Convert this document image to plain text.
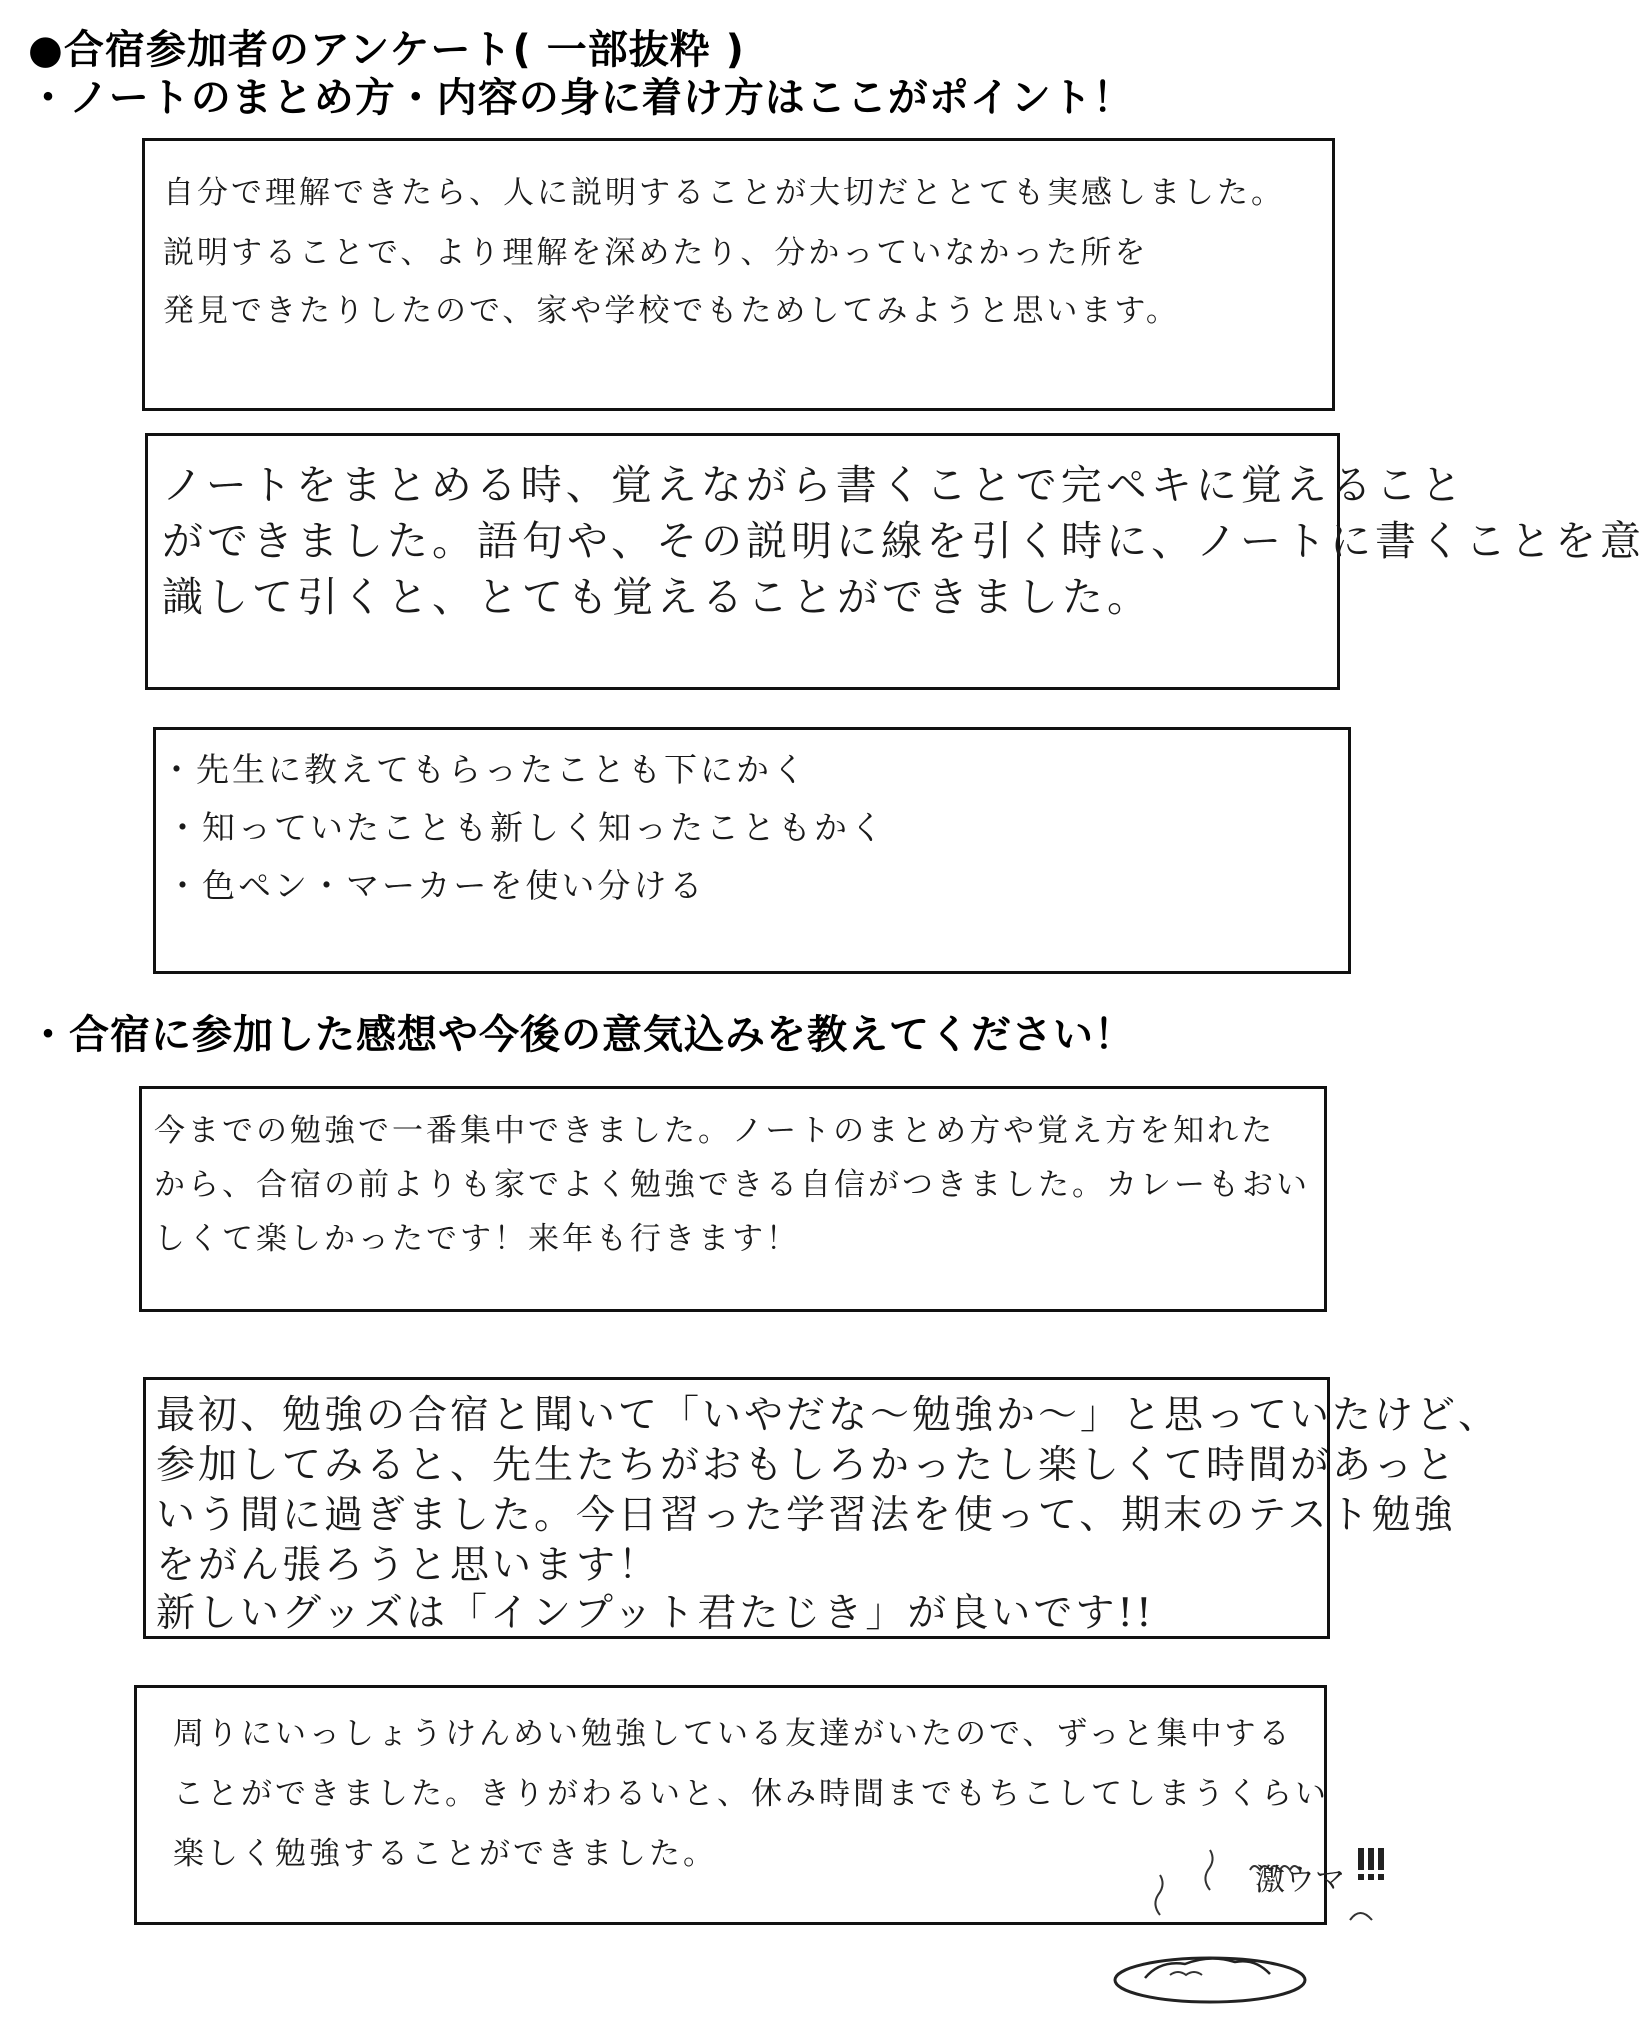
●合宿参加者のアンケート( 一部抜粋 )
・ノートのまとめ方・内容の身に着け方はここがポイント！
・合宿に参加した感想や今後の意気込みを教えてください！
自分で理解できたら、人に説明することが大切だととても実感しました。
説明することで、より理解を深めたり、分かっていなかった所を
発見できたりしたので、家や学校でもためしてみようと思います。
ノートをまとめる時、覚えながら書くことで完ペキに覚えること
ができました。語句や、その説明に線を引く時に、ノートに書くことを意
識して引くと、とても覚えることができました。
・先生に教えてもらったことも下にかく
・知っていたことも新しく知ったこともかく
・色ペン・マーカーを使い分ける
今までの勉強で一番集中できました。ノートのまとめ方や覚え方を知れた
から、合宿の前よりも家でよく勉強できる自信がつきました。カレーもおい
しくて楽しかったです！来年も行きます！
最初、勉強の合宿と聞いて「いやだな～勉強か～」と思っていたけど、
参加してみると、先生たちがおもしろかったし楽しくて時間があっと
いう間に過ぎました。今日習った学習法を使って、期末のテスト勉強
をがん張ろうと思います！
新しいグッズは「インプット君たじき」が良いです!!
周りにいっしょうけんめい勉強している友達がいたので、ずっと集中する
ことができました。きりがわるいと、休み時間までもちこしてしまうくらい
楽しく勉強することができました。
激ウマ
